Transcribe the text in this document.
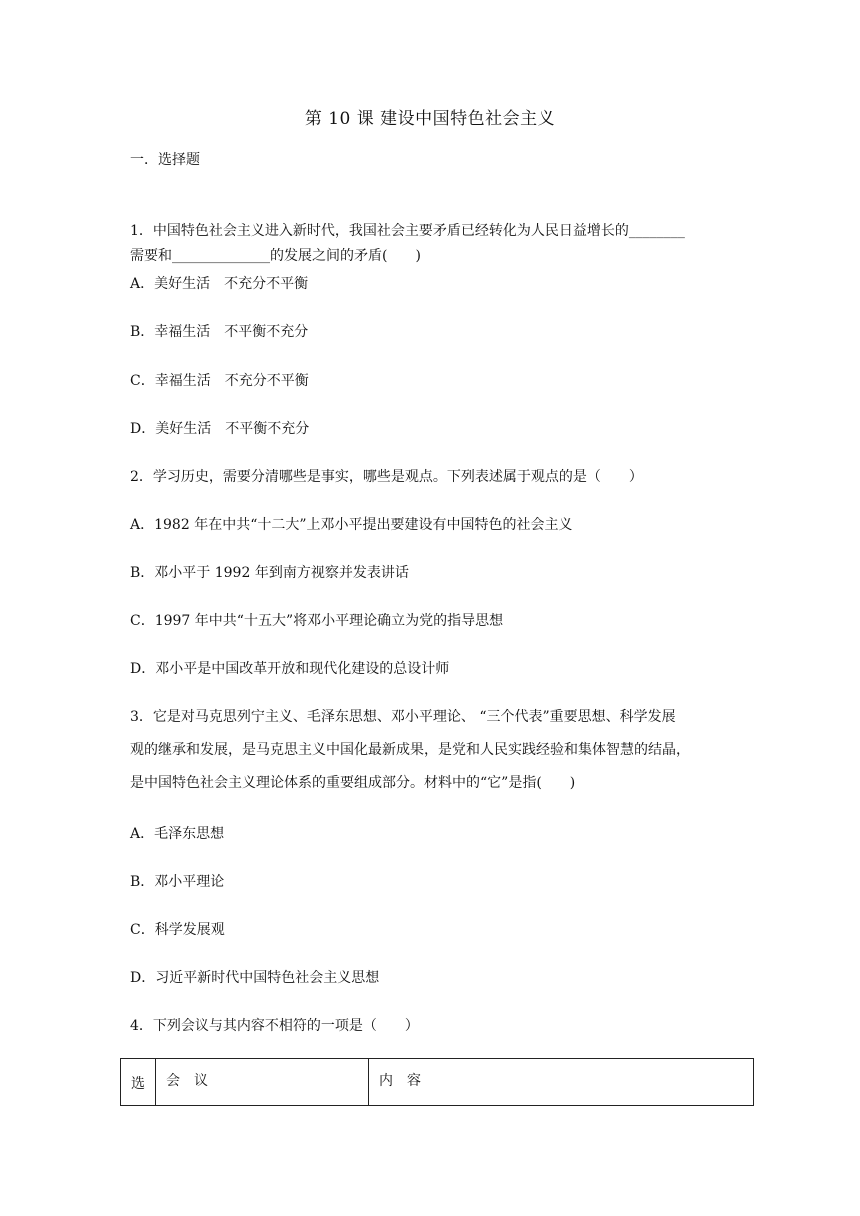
第 10 课 建设中国特色社会主义
一．选择题
1．中国特色社会主义进入新时代，我国社会主要矛盾已经转化为人民日益增长的________
需要和______________的发展之间的矛盾(　　)
A．美好生活　不充分不平衡
B．幸福生活　不平衡不充分
C．幸福生活　不充分不平衡
D．美好生活　不平衡不充分
2．学习历史，需要分清哪些是事实，哪些是观点。下列表述属于观点的是（　　）
A．1982 年在中共“十二大”上邓小平提出要建设有中国特色的社会主义
B．邓小平于 1992 年到南方视察并发表讲话
C．1997 年中共“十五大”将邓小平理论确立为党的指导思想
D．邓小平是中国改革开放和现代化建设的总设计师
3．它是对马克思列宁主义、毛泽东思想、邓小平理论、 “三个代表”重要思想、科学发展
观的继承和发展，是马克思主义中国化最新成果，是党和人民实践经验和集体智慧的结晶，
是中国特色社会主义理论体系的重要组成部分。材料中的“它”是指(　　)
A．毛泽东思想
B．邓小平理论
C．科学发展观
D．习近平新时代中国特色社会主义思想
4．下列会议与其内容不相符的一项是（　　）
选	会　议	内　容
